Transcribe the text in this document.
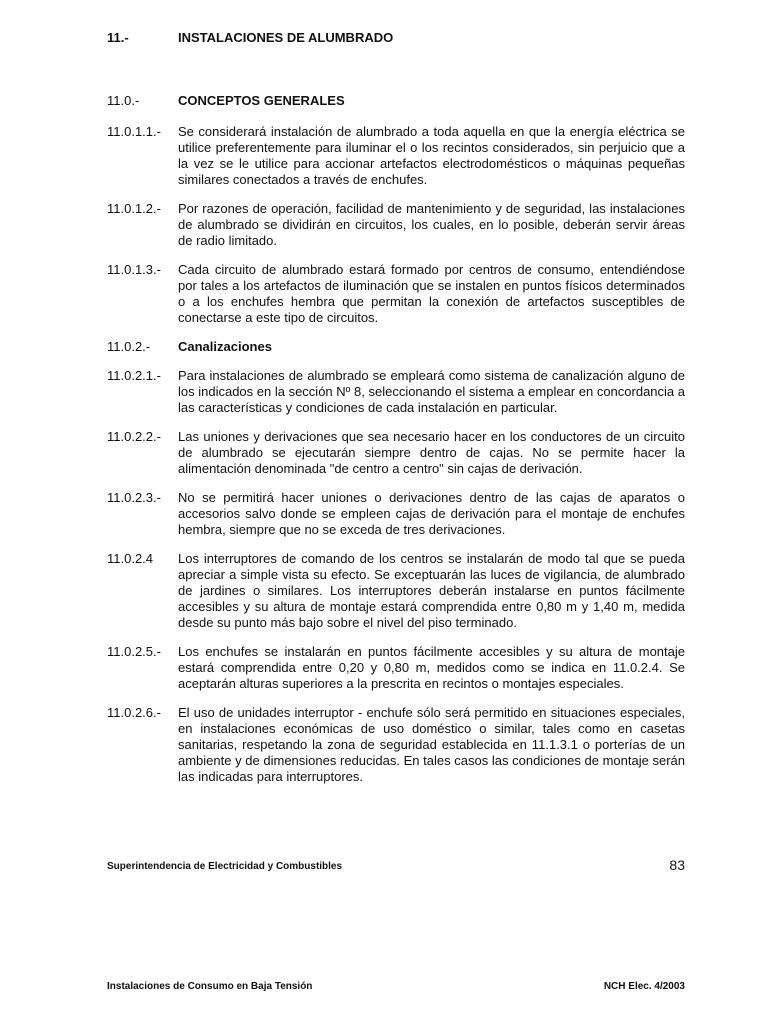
11.-	INSTALACIONES DE ALUMBRADO
11.0.-	CONCEPTOS GENERALES
11.0.1.1.- Se considerará instalación de alumbrado a toda aquella en que la energía eléctrica se utilice preferentemente para iluminar el o los recintos considerados, sin perjuicio que a la vez se le utilice para accionar artefactos electrodomésticos o máquinas pequeñas similares conectados a través de enchufes.
11.0.1.2.- Por razones de operación, facilidad de mantenimiento y de seguridad, las instalaciones de alumbrado se dividirán en circuitos, los cuales, en lo posible, deberán servir áreas de radio limitado.
11.0.1.3.- Cada circuito de alumbrado estará formado por centros de consumo, entendiéndose por tales a los artefactos de iluminación que se instalen en puntos físicos determinados o a los enchufes hembra que permitan la conexión de artefactos susceptibles de conectarse a este tipo de circuitos.
11.0.2.- Canalizaciones
11.0.2.1.- Para instalaciones de alumbrado se empleará como sistema de canalización alguno de los indicados en la sección Nº 8, seleccionando el sistema a emplear en concordancia a las características y condiciones de cada instalación en particular.
11.0.2.2.- Las uniones y derivaciones que sea necesario hacer en los conductores de un circuito de alumbrado se ejecutarán siempre dentro de cajas. No se permite hacer la alimentación denominada "de centro a centro" sin cajas de derivación.
11.0.2.3.- No se permitirá hacer uniones o derivaciones dentro de las cajas de aparatos o accesorios salvo donde se empleen cajas de derivación para el montaje de enchufes hembra, siempre que no se exceda de tres derivaciones.
11.0.2.4 Los interruptores de comando de los centros se instalarán de modo tal que se pueda apreciar a simple vista su efecto. Se exceptuarán las luces de vigilancia, de alumbrado de jardines o similares. Los interruptores deberán instalarse en puntos fácilmente accesibles y su altura de montaje estará comprendida entre 0,80 m y 1,40 m, medida desde su punto más bajo sobre el nivel del piso terminado.
11.0.2.5.- Los enchufes se instalarán en puntos fácilmente accesibles y su altura de montaje estará comprendida entre 0,20 y 0,80 m, medidos como se indica en 11.0.2.4. Se aceptarán alturas superiores a la prescrita en recintos o montajes especiales.
11.0.2.6.- El uso de unidades interruptor - enchufe sólo será permitido en situaciones especiales, en instalaciones económicas de uso doméstico o similar, tales como en casetas sanitarias, respetando la zona de seguridad establecida en 11.1.3.1 o porterías de un ambiente y de dimensiones reducidas. En tales casos las condiciones de montaje serán las indicadas para interruptores.
Superintendencia de Electricidad y Combustibles	83
Instalaciones de Consumo en Baja Tensión	NCH Elec. 4/2003
